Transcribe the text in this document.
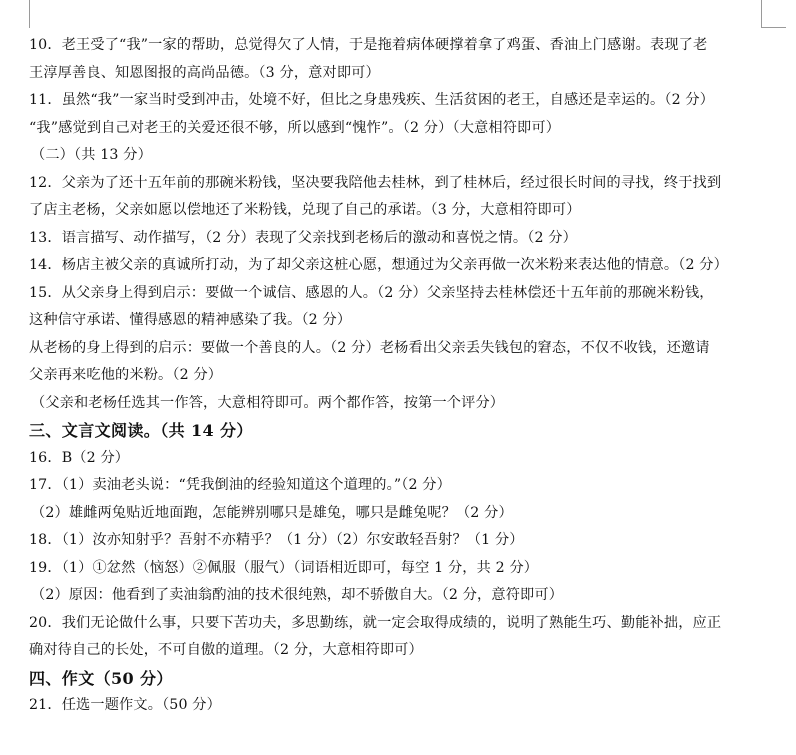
10．老王受了“我”一家的帮助，总觉得欠了人情，于是拖着病体硬撑着拿了鸡蛋、香油上门感谢。表现了老
王淳厚善良、知恩图报的高尚品德。（3 分，意对即可）
11．虽然“我”一家当时受到冲击，处境不好，但比之身患残疾、生活贫困的老王，自感还是幸运的。（2 分）
“我”感觉到自己对老王的关爱还很不够，所以感到“愧怍”。（2 分）（大意相符即可）
（二）（共 13 分）
12．父亲为了还十五年前的那碗米粉钱，坚决要我陪他去桂林，到了桂林后，经过很长时间的寻找，终于找到
了店主老杨，父亲如愿以偿地还了米粉钱，兑现了自己的承诺。（3 分，大意相符即可）
13．语言描写、动作描写，（2 分）表现了父亲找到老杨后的激动和喜悦之情。（2 分）
14．杨店主被父亲的真诚所打动，为了却父亲这桩心愿，想通过为父亲再做一次米粉来表达他的情意。（2 分）
15．从父亲身上得到启示：要做一个诚信、感恩的人。（2 分）父亲坚持去桂林偿还十五年前的那碗米粉钱，
这种信守承诺、懂得感恩的精神感染了我。（2 分）
从老杨的身上得到的启示：要做一个善良的人。（2 分）老杨看出父亲丢失钱包的窘态，不仅不收钱，还邀请
父亲再来吃他的米粉。（2 分）
（父亲和老杨任选其一作答，大意相符即可。两个都作答，按第一个评分）
三、文言文阅读。（共 14 分）
16．B（2 分）
17．（1）卖油老头说：“凭我倒油的经验知道这个道理的。”（2 分）
（2）雄雌两兔贴近地面跑，怎能辨别哪只是雄兔，哪只是雌兔呢？（2 分）
18．（1）汝亦知射乎？吾射不亦精乎？（1 分）（2）尔安敢轻吾射？（1 分）
19．（1）①忿然（恼怒）②佩服（服气）（词语相近即可，每空 1 分，共 2 分）
（2）原因：他看到了卖油翁酌油的技术很纯熟，却不骄傲自大。（2 分，意符即可）
20．我们无论做什么事，只要下苦功夫，多思勤练，就一定会取得成绩的，说明了熟能生巧、勤能补拙，应正
确对待自己的长处，不可自傲的道理。（2 分，大意相符即可）
四、作文（50 分）
21．任选一题作文。（50 分）
